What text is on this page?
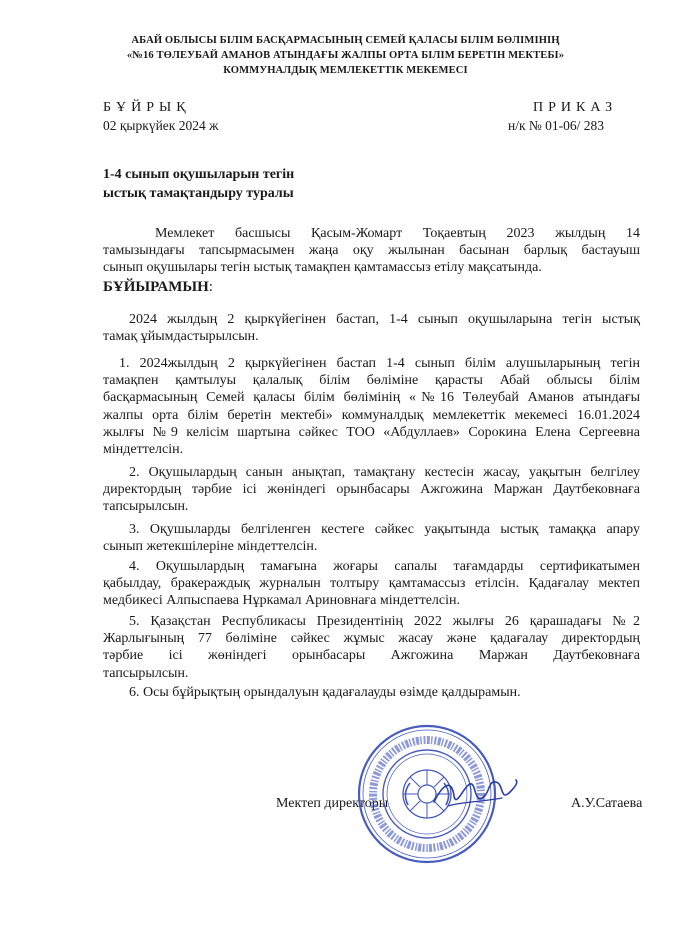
АБАЙ ОБЛЫСЫ БІЛІМ БАСҚАРМАСЫНЫҢ СЕМЕЙ ҚАЛАСЫ БІЛІМ БӨЛІМІНІҢ
«№16 ТӨЛЕУБАЙ АМАНОВ АТЫНДАҒЫ ЖАЛПЫ ОРТА БІЛІМ БЕРЕТІН МЕКТЕБІ»
КОММУНАЛДЫҚ МЕМЛЕКЕТТІК МЕКЕМЕСІ
БҰЙРЫҚ	ПРИКАЗ
02 қыркүйек 2024 ж	н/к № 01-06/ 283
1-4 сынып оқушыларын тегін
ыстық тамақтандыру туралы
Мемлекет басшысы Қасым-Жомарт Тоқаевтың 2023 жылдың 14
тамызындағы тапсырмасымен жаңа оқу жылынан басынан барлық бастауыш
сынып оқушылары тегін ыстық тамақпен қамтамассыз етілу мақсатында.
БҰЙЫРАМЫН:
2024 жылдың 2 қыркүйегінен бастап, 1-4 сынып оқушыларына тегін ыстық
тамақ ұйымдастырылсын.
1. 2024жылдың 2 қыркүйегінен бастап 1-4 сынып білім алушыларының тегін
тамақпен қамтылуы қалалық білім бөліміне қарасты Абай облысы білім
басқармасының Семей қаласы білім бөлімінің «№16 Төлеубай Аманов атындағы
жалпы орта білім беретін мектебі» коммуналдық мемлекеттік мекемесі 16.01.2024
жылғы №9 келісім шартына сәйкес ТОО «Абдуллаев» Сорокина Елена Сергеевна
міндеттелсін.
2. Оқушылардың санын анықтап, тамақтану кестесін жасау, уақытын белгілеу
директордың тәрбие ісі жөніндегі орынбасары Ажгожина Маржан Даутбековнаға
тапсырылсын.
3. Оқушыларды белгіленген кестеге сәйкес уақытында ыстық тамаққа апару
сынып жетекшілеріне міндеттелсін.
4. Оқушылардың тамағына жоғары сапалы тағамдарды сертификатымен
қабылдау, бракераждық журналын толтыру қамтамассыз етілсін. Қадағалау мектеп
медбикесі Алпыспаева Нұркамал Ариновнаға міндеттелсін.
5. Қазақстан Республикасы Президентінің 2022 жылғы 26 қарашадағы №2
Жарлығының 77 бөліміне сәйкес жұмыс жасау және қадағалау директордың
тәрбие ісі жөніндегі орынбасары Ажгожина Маржан Даутбековнаға
тапсырылсын.
6. Осы бұйрықтың орындалуын қадағалауды өзімде қалдырамын.
Мектеп директоры	А.У.Сатаева
